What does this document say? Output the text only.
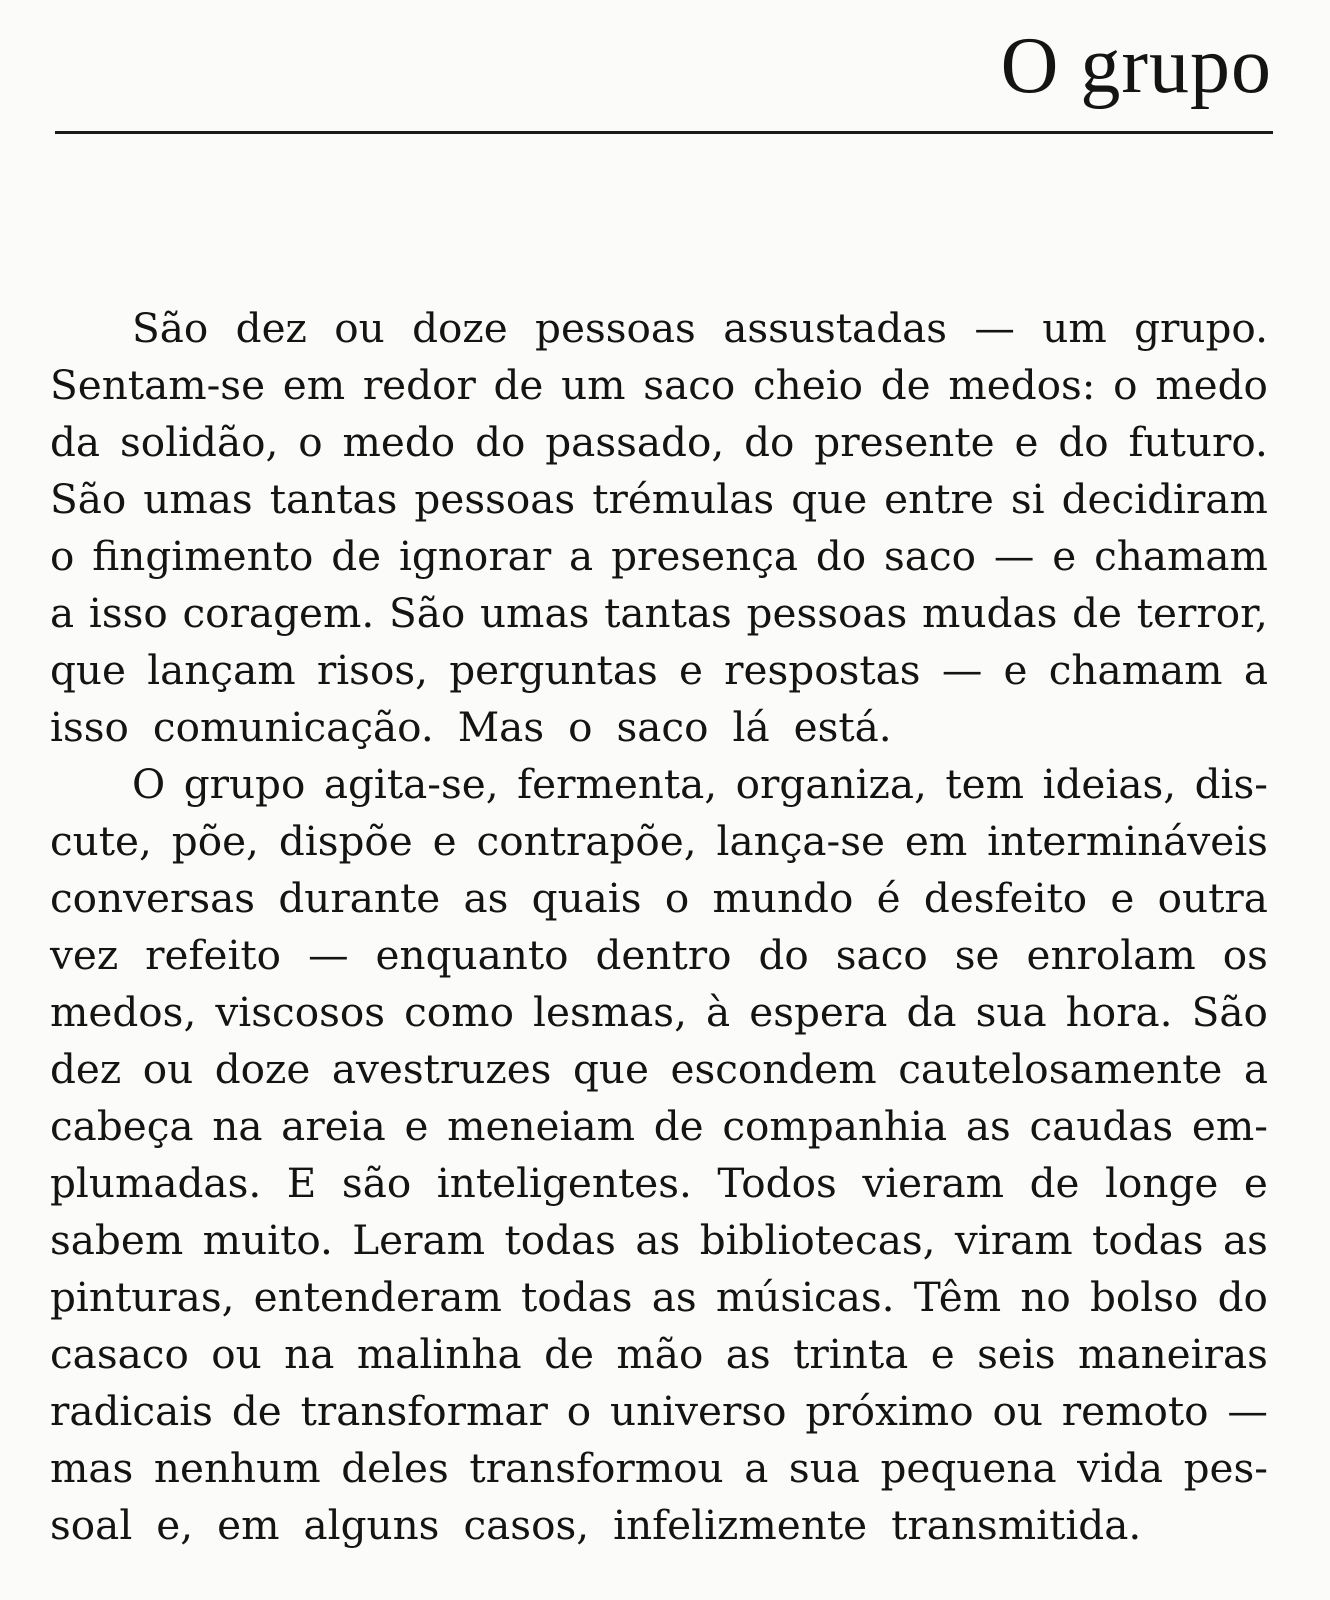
O grupo
São dez ou doze pessoas assustadas — um grupo.
Sentam-se em redor de um saco cheio de medos: o medo
da solidão, o medo do passado, do presente e do futuro.
São umas tantas pessoas trémulas que entre si decidiram
o fingimento de ignorar a presença do saco — e chamam
a isso coragem. São umas tantas pessoas mudas de terror,
que lançam risos, perguntas e respostas — e chamam a
isso comunicação. Mas o saco lá está.
O grupo agita-se, fermenta, organiza, tem ideias, dis-
cute, põe, dispõe e contrapõe, lança-se em intermináveis
conversas durante as quais o mundo é desfeito e outra
vez refeito — enquanto dentro do saco se enrolam os
medos, viscosos como lesmas, à espera da sua hora. São
dez ou doze avestruzes que escondem cautelosamente a
cabeça na areia e meneiam de companhia as caudas em-
plumadas. E são inteligentes. Todos vieram de longe e
sabem muito. Leram todas as bibliotecas, viram todas as
pinturas, entenderam todas as músicas. Têm no bolso do
casaco ou na malinha de mão as trinta e seis maneiras
radicais de transformar o universo próximo ou remoto —
mas nenhum deles transformou a sua pequena vida pes-
soal e, em alguns casos, infelizmente transmitida.
